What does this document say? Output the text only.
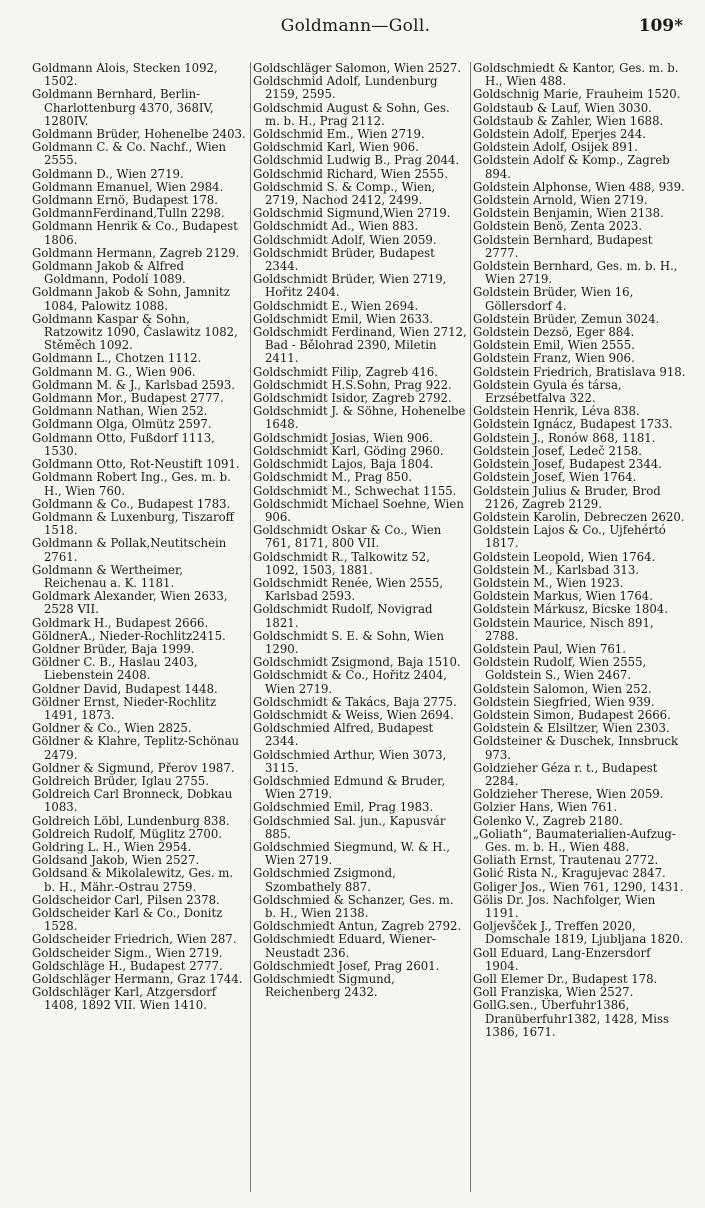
Goldmann—Goll.	109*

Goldmann Alois, Stecken 1092, 1502.

Goldmann Bernhard, Berlin-Charlottenburg 4370, 368IV, 1280IV.

Goldmann Brüder, Hohenelbe 2403.

Goldmann C. & Co. Nachf., Wien 2555.

Goldmann D., Wien 2719.

Goldmann Emanuel, Wien 2984.

Goldmann Ernö, Budapest 178.

GoldmannFerdinand,Tulln 2298.

Goldmann Henrik & Co., Budapest 1806.

Goldmann Hermann, Zagreb 2129.

Goldmann Jakob & Alfred Goldmann, Podolí 1089.

Goldmann Jakob & Sohn, Jamnitz 1084, Palowitz 1088.

Goldmann Kaspar & Sohn, Ratzowitz 1090, Časlawitz 1082, Stěměch 1092.

Goldmann L., Chotzen 1112.

Goldmann M. G., Wien 906.

Goldmann M. & J., Karlsbad 2593.

Goldmann Mor., Budapest 2777.

Goldmann Nathan, Wien 252.

Goldmann Olga, Olmütz 2597.

Goldmann Otto, Fußdorf 1113, 1530.

Goldmann Otto, Rot-Neustift 1091.

Goldmann Robert Ing., Ges. m. b. H., Wien 760.

Goldmann & Co., Budapest 1783.

Goldmann & Luxenburg, Tiszaroff 1518.

Goldmann & Pollak,Neutitschein 2761.

Goldmann & Wertheimer, Reichenau a. K. 1181.

Goldmark Alexander, Wien 2633, 2528 VII.

Goldmark H., Budapest 2666.

GöldnerA., Nieder-Rochlitz2415.

Goldner Brüder, Baja 1999.

Göldner C. B., Haslau 2403, Liebenstein 2408.

Goldner David, Budapest 1448.

Göldner Ernst, Nieder-Rochlitz 1491, 1873.

Goldner & Co., Wien 2825.

Göldner & Klahre, Teplitz-Schönau 2479.

Goldner & Sigmund, Přerov 1987.

Goldreich Brüder, Iglau 2755.

Goldreich Carl Bronneck, Dobkau 1083.

Goldreich Löbl, Lundenburg 838.

Goldreich Rudolf, Müglitz 2700.

Goldring L. H., Wien 2954.

Goldsand Jakob, Wien 2527.

Goldsand & Mikolalewitz, Ges. m. b. H., Mähr.-Ostrau 2759.

Goldscheidor Carl, Pilsen 2378.

Goldscheider Karl & Co., Donitz 1528.

Goldscheider Friedrich, Wien 287.

Goldscheider Sigm., Wien 2719.

Goldschläge H., Budapest 2777.

Goldschläger Hermann, Graz 1744.

Goldschläger Karl, Atzgersdorf 1408, 1892 VII. Wien 1410.

Goldschläger Salomon, Wien 2527.

Goldschmid Adolf, Lundenburg 2159, 2595.

Goldschmid August & Sohn, Ges. m. b. H., Prag 2112.

Goldschmid Em., Wien 2719.

Goldschmid Karl, Wien 906.

Goldschmid Ludwig B., Prag 2044.

Goldschmid Richard, Wien 2555.

Goldschmid S. & Comp., Wien, 2719, Nachod 2412, 2499.

Goldschmid Sigmund,Wien 2719.

Goldschmidt Ad., Wien 883.

Goldschmidt Adolf, Wien 2059.

Goldschmidt Brüder, Budapest 2344.

Goldschmidt Brüder, Wien 2719, Hořitz 2404.

Goldschmidt E., Wien 2694.

Goldschmidt Emil, Wien 2633.

Goldschmidt Ferdinand, Wien 2712, Bad - Bělohrad 2390, Miletin 2411.

Goldschmidt Filip, Zagreb 416.

Goldschmidt H.S.Sohn, Prag 922.

Goldschmidt Isidor, Zagreb 2792.

Goldschmidt J. & Söhne, Hohenelbe 1648.

Goldschmidt Josias, Wien 906.

Goldschmidt Karl, Göding 2960.

Goldschmidt Lajos, Baja 1804.

Goldschmidt M., Prag 850.

Goldschmidt M., Schwechat 1155.

Goldschmidt Michael Soehne, Wien 906.

Goldschmidt Oskar & Co., Wien 761, 8171, 800 VII.

Goldschmidt R., Talkowitz 52, 1092, 1503, 1881.

Goldschmidt Renée, Wien 2555, Karlsbad 2593.

Goldschmidt Rudolf, Novigrad 1821.

Goldschmidt S. E. & Sohn, Wien 1290.

Goldschmidt Zsigmond, Baja 1510.

Goldschmidt & Co., Hořitz 2404, Wien 2719.

Goldschmidt & Takács, Baja 2775.

Goldschmidt & Weiss, Wien 2694.

Goldschmied Alfred, Budapest 2344.

Goldschmied Arthur, Wien 3073, 3115.

Goldschmied Edmund & Bruder, Wien 2719.

Goldschmied Emil, Prag 1983.

Goldschmied Sal. jun., Kapusvár 885.

Goldschmied Siegmund, W. & H., Wien 2719.

Goldschmied Zsigmond, Szombathely 887.

Goldschmied & Schanzer, Ges. m. b. H., Wien 2138.

Goldschmiedt Antun, Zagreb 2792.

Goldschmiedt Eduard, Wiener-Neustadt 236.

Goldschmiedt Josef, Prag 2601.

Goldschmiedt Sigmund, Reichenberg 2432.

Goldschmiedt & Kantor, Ges. m. b. H., Wien 488.

Goldschnig Marie, Frauheim 1520.

Goldstaub & Lauf, Wien 3030.

Goldstaub & Zahler, Wien 1688.

Goldstein Adolf, Eperjes 244.

Goldstein Adolf, Osijek 891.

Goldstein Adolf & Komp., Zagreb 894.

Goldstein Alphonse, Wien 488, 939.

Goldstein Arnold, Wien 2719.

Goldstein Benjamin, Wien 2138.

Goldstein Benö, Zenta 2023.

Goldstein Bernhard, Budapest 2777.

Goldstein Bernhard, Ges. m. b. H., Wien 2719.

Goldstein Brüder, Wien 16, Göllersdorf 4.

Goldstein Brüder, Zemun 3024.

Goldstein Dezsö, Eger 884.

Goldstein Emil, Wien 2555.

Goldstein Franz, Wien 906.

Goldstein Friedrich, Bratislava 918.

Goldstein Gyula és társa, Erzsébetfalva 322.

Goldstein Henrik, Léva 838.

Goldstein Ignácz, Budapest 1733.

Goldstein J., Ronów 868, 1181.

Goldstein Josef, Ledeč 2158.

Goldstein Josef, Budapest 2344.

Goldstein Josef, Wien 1764.

Goldstein Julius & Bruder, Brod 2126, Zagreb 2129.

Goldstein Karolin, Debreczen 2620.

Goldstein Lajos & Co., Ujfehértó 1817.

Goldstein Leopold, Wien 1764.

Goldstein M., Karlsbad 313.

Goldstein M., Wien 1923.

Goldstein Markus, Wien 1764.

Goldstein Márkusz, Bicske 1804.

Goldstein Maurice, Nisch 891, 2788.

Goldstein Paul, Wien 761.

Goldstein Rudolf, Wien 2555, Goldstein S., Wien 2467.

Goldstein Salomon, Wien 252.

Goldstein Siegfried, Wien 939.

Goldstein Simon, Budapest 2666.

Goldstein & Elsiltzer, Wien 2303.

Goldsteiner & Duschek, Innsbruck 973.

Goldzieher Géza r. t., Budapest 2284.

Goldzieher Therese, Wien 2059.

Golzier Hans, Wien 761.

Golenko V., Zagreb 2180.

„Goliath“, Baumaterialien-Aufzug-Ges. m. b. H., Wien 488.

Goliath Ernst, Trautenau 2772.

Golić Rista N., Kragujevac 2847.

Goliger Jos., Wien 761, 1290, 1431.

Gölis Dr. Jos. Nachfolger, Wien 1191.

Goljevšček J., Treffen 2020, Domschale 1819, Ljubljana 1820.

Goll Eduard, Lang-Enzersdorf 1904.

Goll Elemer Dr., Budapest 178.

Goll Franziska, Wien 2527.

GollG.sen., Überfuhr1386, Dranüberfuhr1382, 1428, Miss 1386, 1671.
